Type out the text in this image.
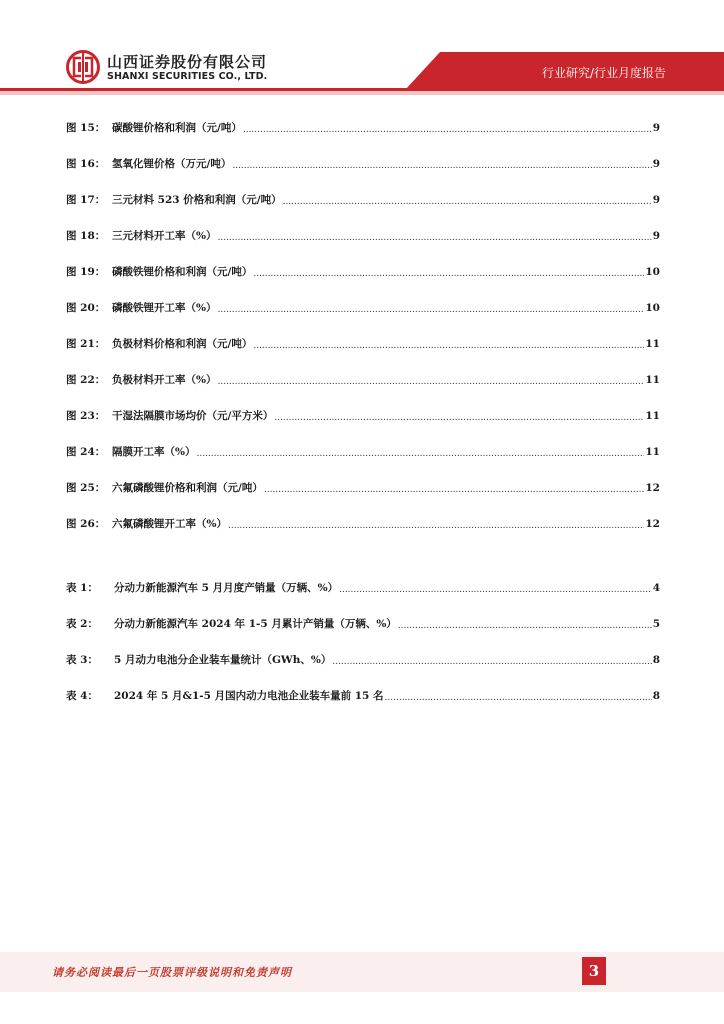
山西证券股份有限公司
SHANXI SECURITIES CO., LTD.	行业研究/行业月度报告
图 15： 碳酸锂价格和利润（元/吨） .....	9
图 16： 氢氧化锂价格（万元/吨） .....	9
图 17： 三元材料 523 价格和利润（元/吨） .....	9
图 18： 三元材料开工率（%） .....	9
图 19： 磷酸铁锂价格和利润（元/吨） .....	10
图 20： 磷酸铁锂开工率（%） .....	10
图 21： 负极材料价格和利润（元/吨） .....	11
图 22： 负极材料开工率（%） .....	11
图 23： 干湿法隔膜市场均价（元/平方米） .....	11
图 24： 隔膜开工率（%） .....	11
图 25： 六氟磷酸锂价格和利润（元/吨） .....	12
图 26： 六氟磷酸锂开工率（%） .....	12
表 1：	分动力新能源汽车 5 月月度产销量（万辆、%） .....	4
表 2：	分动力新能源汽车 2024 年 1-5 月累计产销量（万辆、%） .....	5
表 3：	5 月动力电池分企业装车量统计（GWh、%） .....	8
表 4：	2024 年 5 月&1-5 月国内动力电池企业装车量前 15 名 .....	8
请务必阅读最后一页股票评级说明和免责声明	3
